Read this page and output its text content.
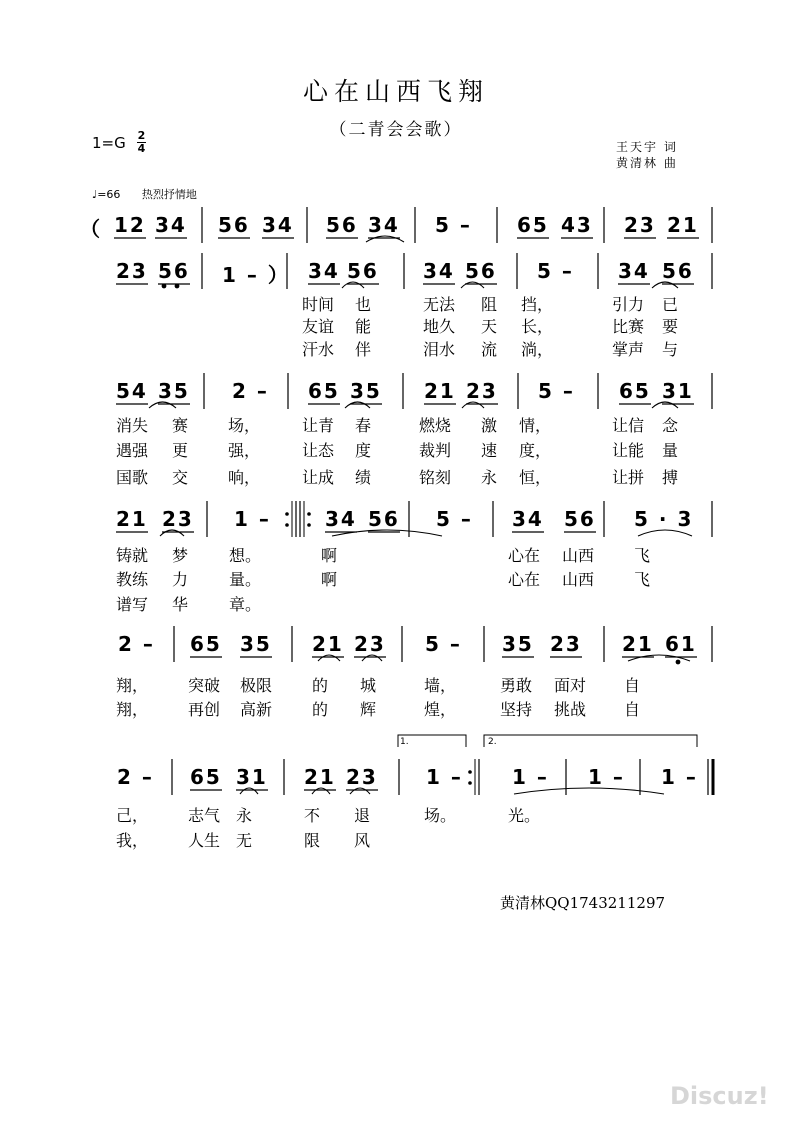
心在山西飞翔
（二青会会歌）
1=G 2
4	王天宇 词
黄清林 曲
♩=66 热烈抒情地
（ 12 34 56 34 56 34 5 – 65 43 23 21
23 56 1 – ） 34 56 34 56 5 – 34 56
时间 也	无法 阻 挡，	引力 已
友谊 能	地久 天 长，	比赛 要
汗水 伴	泪水 流 淌，	掌声 与
54 35 2 – 65 35 21 23 5 – 65 31
消失 赛 场，	让青 春	燃烧 激 情，	让信 念
遇强 更 强，	让态 度	裁判 速 度，	让能 量
国歌 交 响，	让成 绩	铭刻 永 恒，	让拼 搏
21 23 1 –	34 56 5 – 34 56 5 · 3
铸就 梦	想。	啊	心在 山西 飞
教练 力	量。	啊	心在 山西 飞
谱写 华	章。
2 – 65 35 21 23 5 – 35 23 21 61
翔， 突破 极限 的 城	墙，	勇敢 面对 自
翔， 再创 高新 的 辉	煌，	坚持 挑战 自
2 – 65 31 21 23 1 – 1 – 1 – 1 –
己， 志气 永	不 退	场。	光。
我， 人生 无	限 风
1.	2.
黄清林QQ1743211297
Discuz!
